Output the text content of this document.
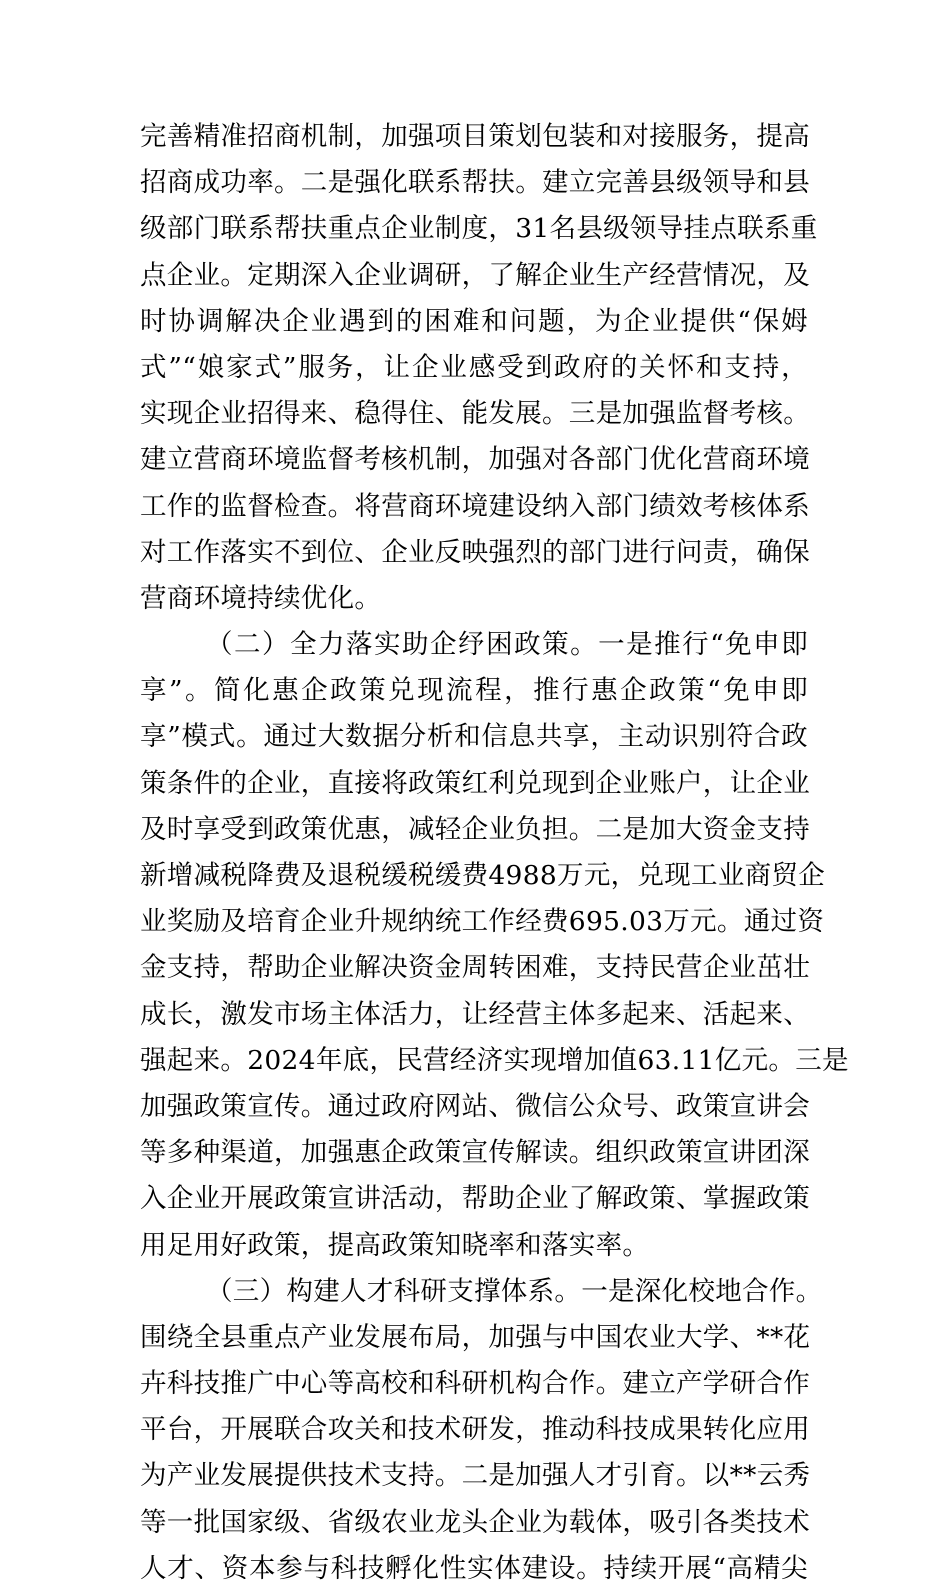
完善精准招商机制，加强项目策划包装和对接服务，提高
招商成功率。二是强化联系帮扶。建立完善县级领导和县
级部门联系帮扶重点企业制度，31名县级领导挂点联系重
点企业。定期深入企业调研，了解企业生产经营情况，及
时协调解决企业遇到的困难和问题，为企业提供“保姆
式”“娘家式”服务，让企业感受到政府的关怀和支持，
实现企业招得来、稳得住、能发展。三是加强监督考核。
建立营商环境监督考核机制，加强对各部门优化营商环境
工作的监督检查。将营商环境建设纳入部门绩效考核体系
对工作落实不到位、企业反映强烈的部门进行问责，确保
营商环境持续优化。
（二）全力落实助企纾困政策。一是推行“免申即
享”。简化惠企政策兑现流程，推行惠企政策“免申即
享”模式。通过大数据分析和信息共享，主动识别符合政
策条件的企业，直接将政策红利兑现到企业账户，让企业
及时享受到政策优惠，减轻企业负担。二是加大资金支持
新增减税降费及退税缓税缓费4988万元，兑现工业商贸企
业奖励及培育企业升规纳统工作经费695.03万元。通过资
金支持，帮助企业解决资金周转困难，支持民营企业茁壮
成长，激发市场主体活力，让经营主体多起来、活起来、
强起来。2024年底，民营经济实现增加值63.11亿元。三是
加强政策宣传。通过政府网站、微信公众号、政策宣讲会
等多种渠道，加强惠企政策宣传解读。组织政策宣讲团深
入企业开展政策宣讲活动，帮助企业了解政策、掌握政策
用足用好政策，提高政策知晓率和落实率。
（三）构建人才科研支撑体系。一是深化校地合作。
围绕全县重点产业发展布局，加强与中国农业大学、**花
卉科技推广中心等高校和科研机构合作。建立产学研合作
平台，开展联合攻关和技术研发，推动科技成果转化应用
为产业发展提供技术支持。二是加强人才引育。以**云秀
等一批国家级、省级农业龙头企业为载体，吸引各类技术
人才、资本参与科技孵化性实体建设。持续开展“高精尖
